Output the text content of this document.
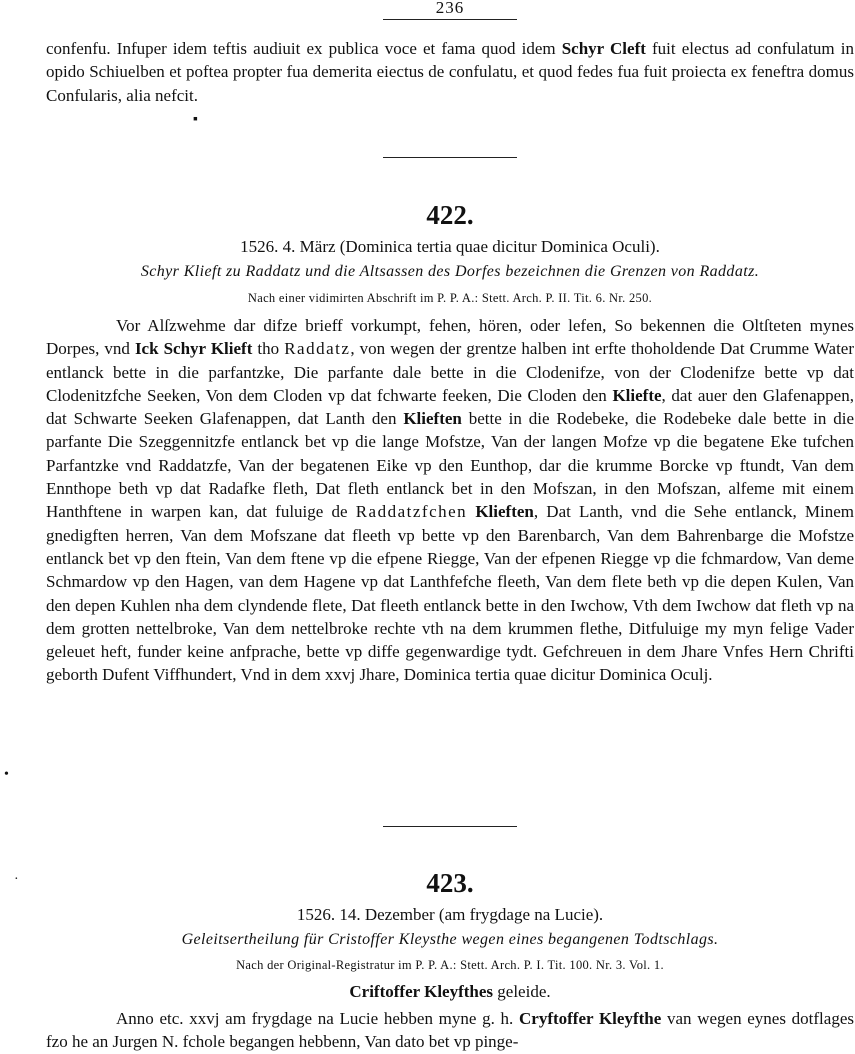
236
confenfu. Infuper idem teftis audiuit ex publica voce et fama quod idem Schyr Cleft fuit electus ad confulatum in opido Schiuelben et poftea propter fua demerita eiectus de confulatu, et quod fedes fua fuit proiecta ex feneftra domus Confularis, alia nefcit.
▪
422.
1526. 4. März (Dominica tertia quae dicitur Dominica Oculi).
Schyr Klieft zu Raddatz und die Altsassen des Dorfes bezeichnen die Grenzen von Raddatz.
Nach einer vidimirten Abschrift im P. P. A.: Stett. Arch. P. II. Tit. 6. Nr. 250.
Vor Alſzwehme dar difze brieff vorkumpt, fehen, hören, oder lefen, So bekennen die Oltſteten mynes Dorpes, vnd Ick Schyr Klieft tho Raddatz, von wegen der grentze halben int erfte thoholdende Dat Crumme Water entlanck bette in die parfantzke, Die parfante dale bette in die Clodenifze, von der Clodenifze bette vp dat Clodenitzfche Seeken, Von dem Cloden vp dat fchwarte feeken, Die Cloden den Kliefte, dat auer den Glafenappen, dat Schwarte Seeken Glafenappen, dat Lanth den Klieften bette in die Rodebeke, die Rodebeke dale bette in die parfante Die Szeggennitzfe entlanck bet vp die lange Mofstze, Van der langen Mofze vp die begatene Eke tufchen Parfantzke vnd Raddatzfe, Van der begatenen Eike vp den Eunthop, dar die krumme Borcke vp ftundt, Van dem Ennthope beth vp dat Radafke fleth, Dat fleth entlanck bet in den Mofszan, in den Mofszan, alfeme mit einem Hanthftene in warpen kan, dat fuluige de Raddatzfchen Klieften, Dat Lanth, vnd die Sehe entlanck, Minem gnedigften herren, Van dem Mofszane dat fleeth vp bette vp den Barenbarch, Van dem Bahrenbarge die Mofstze entlanck bet vp den ftein, Van dem ftene vp die efpene Riegge, Van der efpenen Riegge vp die fchmardow, Van deme Schmardow vp den Hagen, van dem Hagene vp dat Lanthfefche fleeth, Van dem flete beth vp die depen Kulen, Van den depen Kuhlen nha dem clyndende flete, Dat fleeth entlanck bette in den Iwchow, Vth dem Iwchow dat fleth vp na dem grotten nettelbroke, Van dem nettelbroke rechte vth na dem krummen flethe, Ditfuluige my myn felige Vader geleuet heft, funder keine anfprache, bette vp diffe gegenwardige tydt. Gefchreuen in dem Jhare Vnfes Hern Chrifti geborth Dufent Viffhundert, Vnd in dem xxvj Jhare, Dominica tertia quae dicitur Dominica Oculj.
•
·	423.
1526. 14. Dezember (am frygdage na Lucie).
Geleitsertheilung für Cristoffer Kleysthe wegen eines begangenen Todtschlags.
Nach der Original-Registratur im P. P. A.: Stett. Arch. P. I. Tit. 100. Nr. 3. Vol. 1.
Criftoffer Kleyfthes geleide.
Anno etc. xxvj am frygdage na Lucie hebben myne g. h. Cryftoffer Kleyfthe van wegen eynes dotflages fzo he an Jurgen N. fchole begangen hebbenn, Van dato bet vp pinge-
